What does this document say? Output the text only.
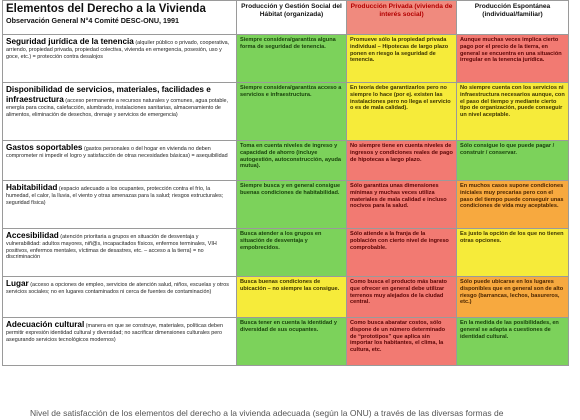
Elementos del Derecho a la Vivienda
Observación General N°4 Comité DESC-ONU, 1991	Producción y Gestión Social del Hábitat (organizada)	Producción Privada (vivienda de interés social)	Producción Espontánea (individual/familiar)
Seguridad jurídica de la tenencia (alquiler público o privado, cooperativa, arriendo, propiedad privada, propiedad colectiva, vivienda en emergencia, posesión, uso y goce, etc.) = protección contra desalojos	Siempre considera/garantiza alguna forma de seguridad de tenencia.	Promueve sólo la propiedad privada individual – Hipotecas de largo plazo ponen en riesgo la seguridad de tenencia.	Aunque muchas veces implica cierto pago por el precio de la tierra, en general se encuentra en una situación irregular en la tenencia jurídica.
Disponibilidad de servicios, materiales, facilidades e infraestructura (acceso permanente a recursos naturales y comunes, agua potable, energía para cocina, calefacción, alumbrado, instalaciones sanitarias, almacenamiento de alimentos, eliminación de desechos, drenaje y servicios de emergencia)	Siempre considera/garantiza acceso a servicios e infraestructura.	En teoría debe garantizarlos pero no siempre lo hace (por ej. existen las instalaciones pero no llega el servicio o es de mala calidad).	No siempre cuenta con los servicios ni infraestructura necesarios aunque, con el paso del tiempo y mediante cierto tipo de organización, puede conseguir un nivel aceptable.
Gastos soportables (gastos personales o del hogar en vivienda no deben comprometer ni impedir el logro y satisfacción de otras necesidades básicas) = asequibilidad	Toma en cuenta niveles de ingreso y capacidad de ahorro (incluye autogestión, autoconstrucción, ayuda mutua).	No siempre tiene en cuenta niveles de ingresos y condiciones reales de pago de hipotecas a largo plazo.	Sólo consigue lo que puede pagar / construir / conservar.
Habitabilidad (espacio adecuado a los ocupantes, protección contra el frío, la humedad, el calor, la lluvia, el viento y otras amenazas para la salud; riesgos estructurales; seguridad física)	Siempre busca y en general consigue buenas condiciones de habitabilidad.	Sólo garantiza unas dimensiones mínimas y muchas veces utiliza materiales de mala calidad e incluso nocivos para la salud.	En muchos casos supone condiciones iniciales muy precarias pero con el paso del tiempo puede conseguir unas condiciones de vida muy aceptables.
Accesibilidad (atención prioritaria a grupos en situación de desventaja y vulnerabilidad: adultos mayores, niñ@s, incapacitados físicos, enfermos terminales, VIH positivos, enfermos mentales, víctimas de desastres, etc. – acceso a la tierra) = no discriminación	Busca atender a los grupos en situación de desventaja y empobrecidos.	Sólo atiende a la franja de la población con cierto nivel de ingreso comprobable.	Es justo la opción de los que no tienen otras opciones.
Lugar (acceso a opciones de empleo, servicios de atención salud, niños, escuelas y otros servicios sociales; no en lugares contaminados ni cerca de fuentes de contaminación)	Busca buenas condiciones de ubicación – no siempre las consigue.	Como busca el producto más barato que ofrecer en general debe utilizar terrenos muy alejados de la ciudad central.	Sólo puede ubicarse en los lugares disponibles que en general son de alto riesgo (barrancas, lechos, basureros, etc.)
Adecuación cultural (manera en que se construye, materiales, políticas deben permitir expresión identidad cultural y diversidad; no sacrificar dimensiones culturales pero asegurando servicios tecnológicos modernos)	Busca tener en cuenta la identidad y diversidad de sus ocupantes.	Como busca abaratar costos, sólo dispone de un número determinado de “prototipos” que aplica sin importar los habitantes, el clima, la cultura, etc.	En la medida de las posibilidades, en general se adapta a cuestiones de identidad cultural.
Nivel de satisfacción de los elementos del derecho a la vivienda adecuada (según la ONU) a través de las diversas formas de
